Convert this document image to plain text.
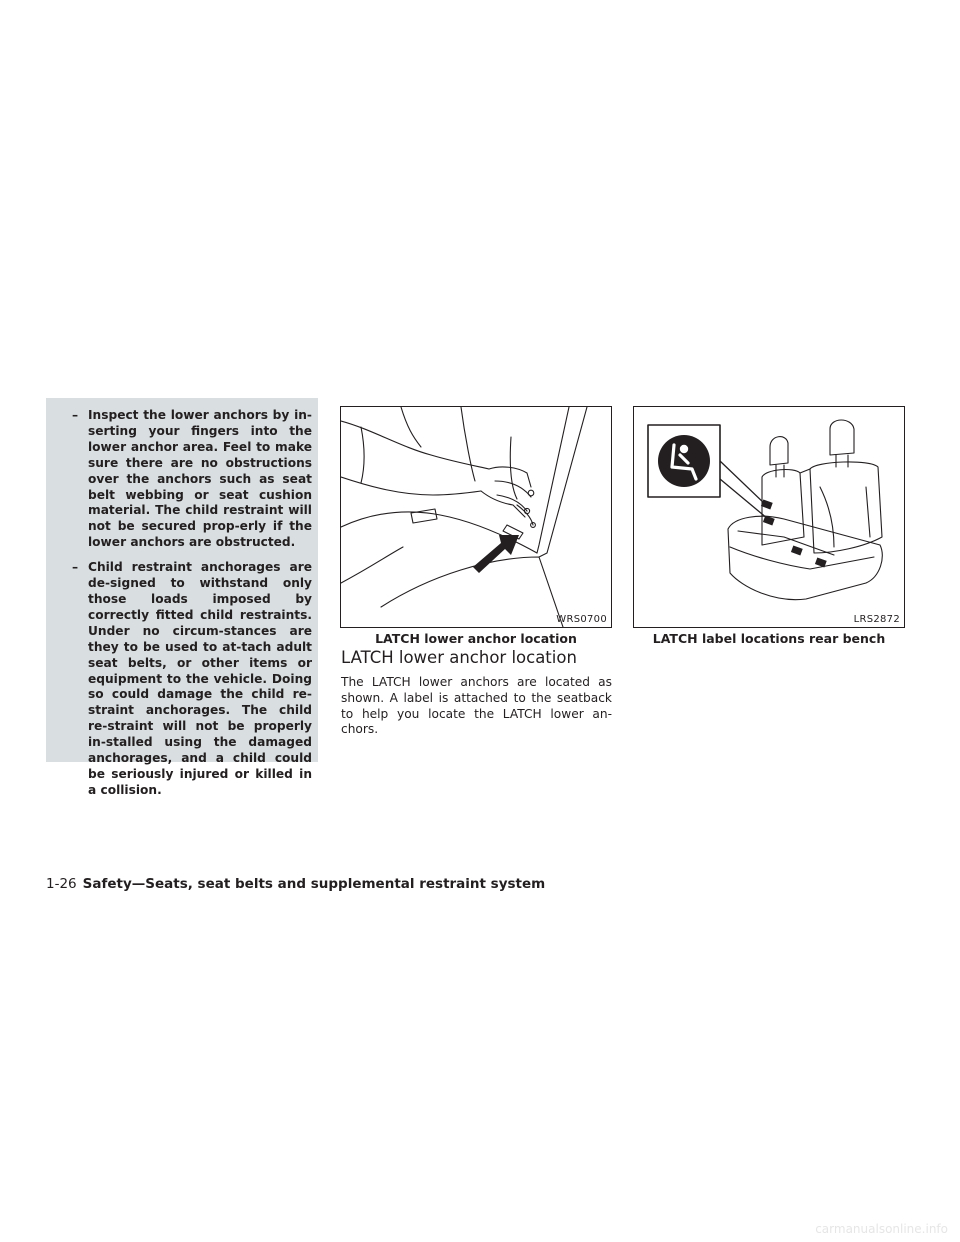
– Inspect the lower anchors by in-serting your fingers into the lower anchor area. Feel to make sure there are no obstructions over the anchors such as seat belt webbing or seat cushion material. The child restraint will not be secured prop-erly if the lower anchors are obstructed.
– Child restraint anchorages are de-signed to withstand only those loads imposed by correctly fitted child restraints. Under no circum-stances are they to be used to at-tach adult seat belts, or other items or equipment to the vehicle. Doing so could damage the child re-straint anchorages. The child re-straint will not be properly in-stalled using the damaged anchorages, and a child could be seriously injured or killed in a collision.
WRS0700
LATCH lower anchor location
LRS2872
LATCH label locations rear bench
LATCH lower anchor location

The LATCH lower anchors are located as shown. A label is attached to the seatback to help you locate the LATCH lower an-chors.

1-26 Safety—Seats, seat belts and supplemental restraint system
carmanualsonline.info
